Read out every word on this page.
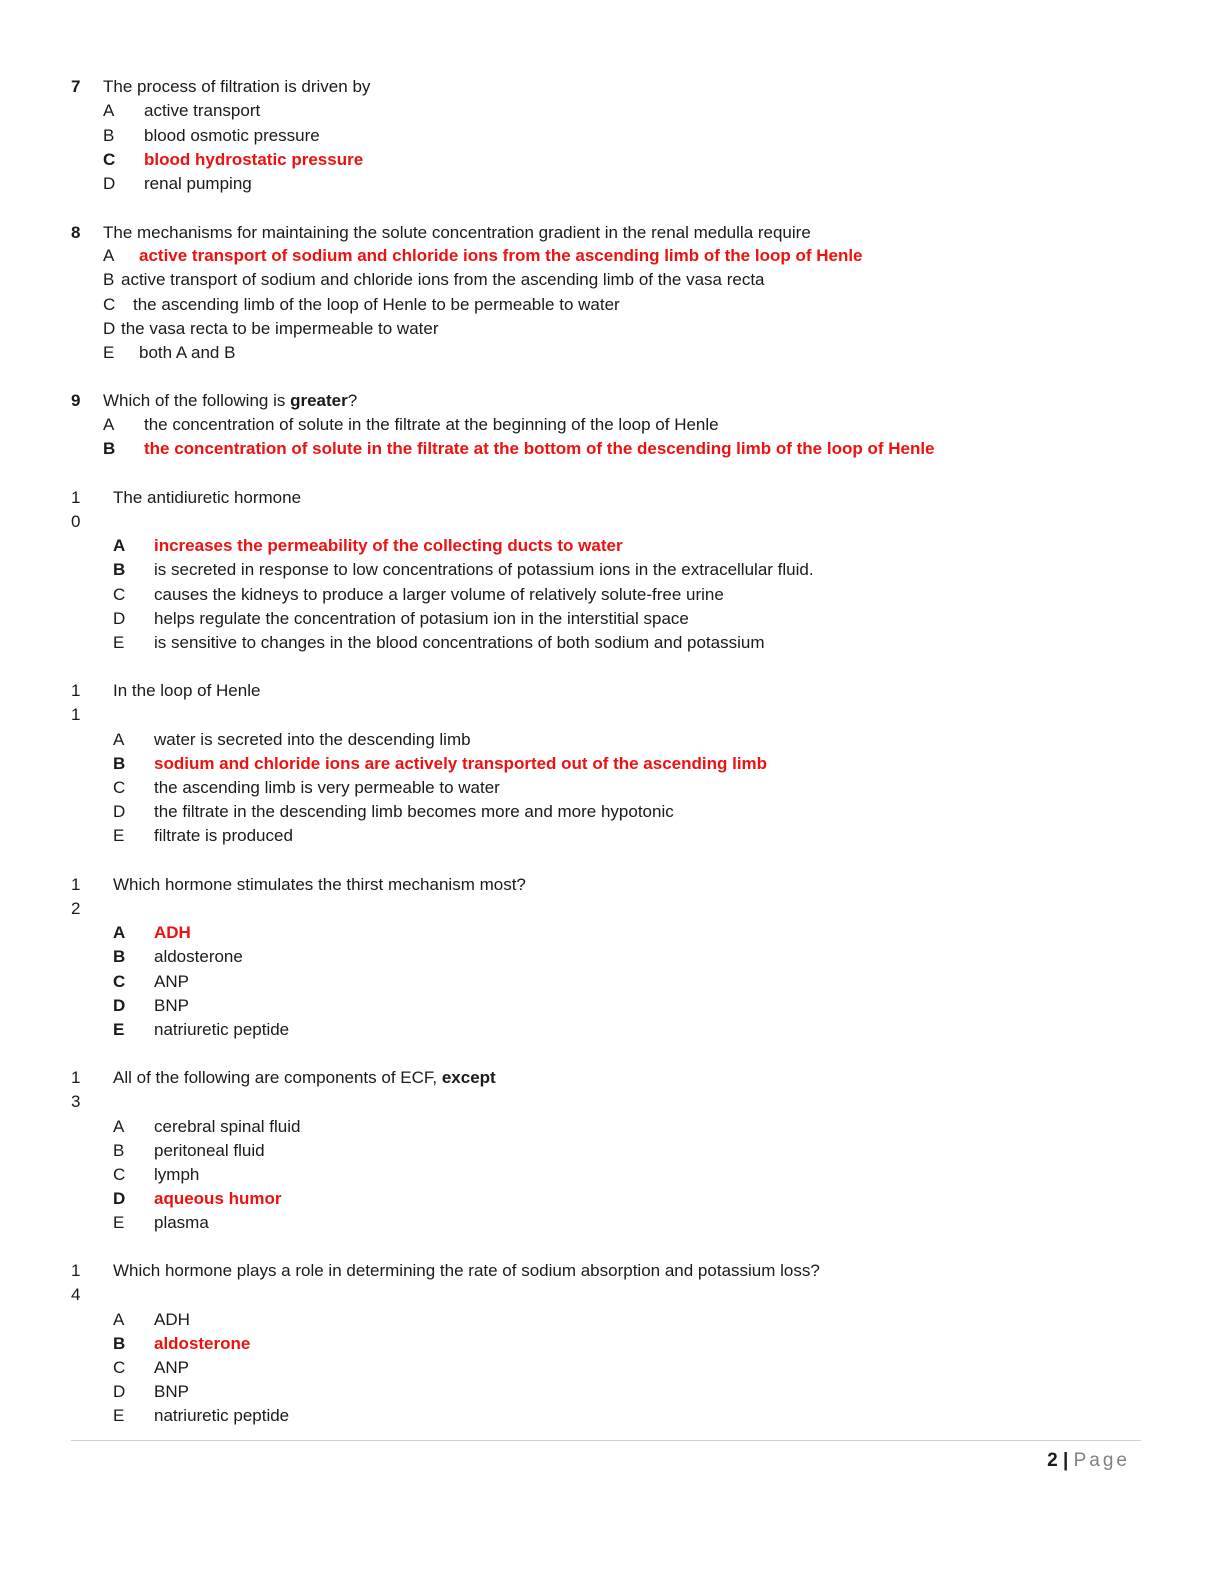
7	The process of filtration is driven by
A active transport
B blood osmotic pressure
C blood hydrostatic pressure
D renal pumping
8	The mechanisms for maintaining the solute concentration gradient in the renal medulla require
A active transport of sodium and chloride ions from the ascending limb of the loop of Henle
B active transport of sodium and chloride ions from the ascending limb of the vasa recta
C the ascending limb of the loop of Henle to be permeable to water
D the vasa recta to be impermeable to water
E both A and B
9	Which of the following is greater?
A the concentration of solute in the filtrate at the beginning of the loop of Henle
B the concentration of solute in the filtrate at the bottom of the descending limb of the loop of Henle
1
0
The antidiuretic hormone
A increases the permeability of the collecting ducts to water
B is secreted in response to low concentrations of potassium ions in the extracellular fluid.
C causes the kidneys to produce a larger volume of relatively solute-free urine
D helps regulate the concentration of potasium ion in the interstitial space
E is sensitive to changes in the blood concentrations of both sodium and potassium
1
1
In the loop of Henle
A water is secreted into the descending limb
B sodium and chloride ions are actively transported out of the ascending limb
C the ascending limb is very permeable to water
D the filtrate in the descending limb becomes more and more hypotonic
E filtrate is produced
1
2
Which hormone stimulates the thirst mechanism most?
A ADH
B aldosterone
C ANP
D BNP
E natriuretic peptide
1
3
All of the following are components of ECF, except
A cerebral spinal fluid
B peritoneal fluid
C lymph
D aqueous humor
E plasma
1
4
Which hormone plays a role in determining the rate of sodium absorption and potassium loss?
A ADH
B aldosterone
C ANP
D BNP
E natriuretic peptide
2 | Page
